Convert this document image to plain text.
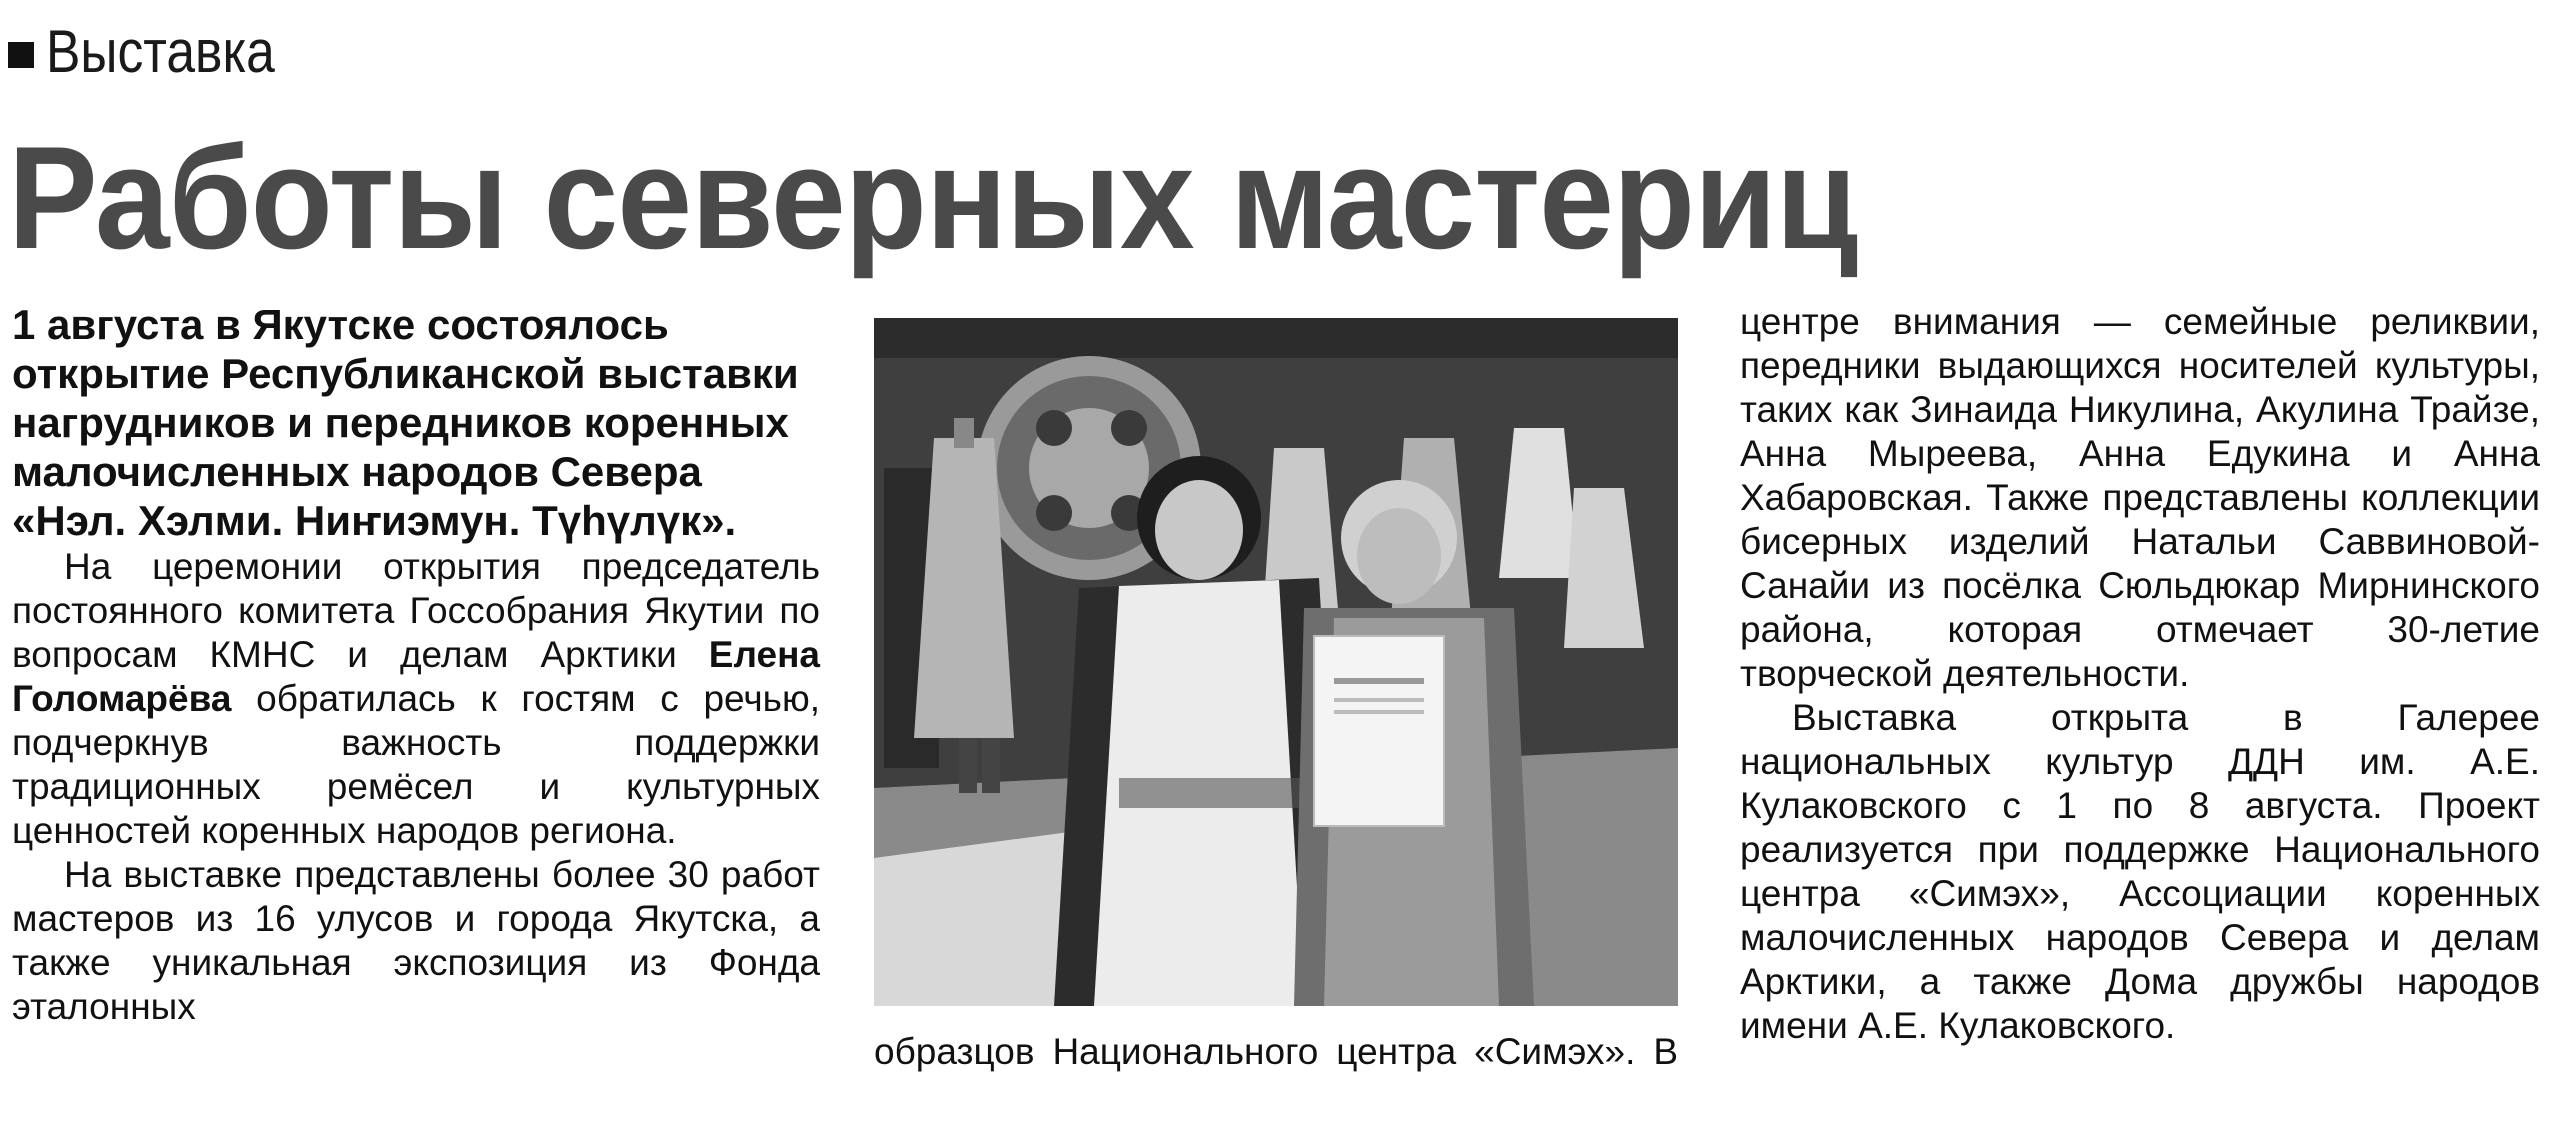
Выставка
Работы северных мастериц

1 августа в Якутске состоялось открытие Республиканской выставки нагрудников и передников коренных малочисленных народов Севера «Нэл. Хэлми. Ниҥиэмун. Түһүлүк».

На церемонии открытия председатель постоянного комитета Госсобрания Якутии по вопросам КМНС и делам Арктики Елена Голомарёва обратилась к гостям с речью, подчеркнув важность поддержки традиционных ремёсел и культурных ценностей коренных народов региона.

На выставке представлены более 30 работ мастеров из 16 улусов и города Якутска, а также уникальная экспозиция из Фонда эталонных

образцов Национального центра «Симэх». В

центре внимания — семейные реликвии, передники выдающихся носителей культуры, таких как Зинаида Никулина, Акулина Трайзе, Анна Мыреева, Анна Едукина и Анна Хабаровская. Также представлены коллекции бисерных изделий Натальи Саввиновой-Санайи из посёлка Сюльдюкар Мирнинского района, которая отмечает 30-летие творческой деятельности.

Выставка открыта в Галерее национальных культур ДДН им. А.Е. Кулаковского с 1 по 8 августа. Проект реализуется при поддержке Национального центра «Симэх», Ассоциации коренных малочисленных народов Севера и делам Арктики, а также Дома дружбы народов имени А.Е. Кулаковского.
